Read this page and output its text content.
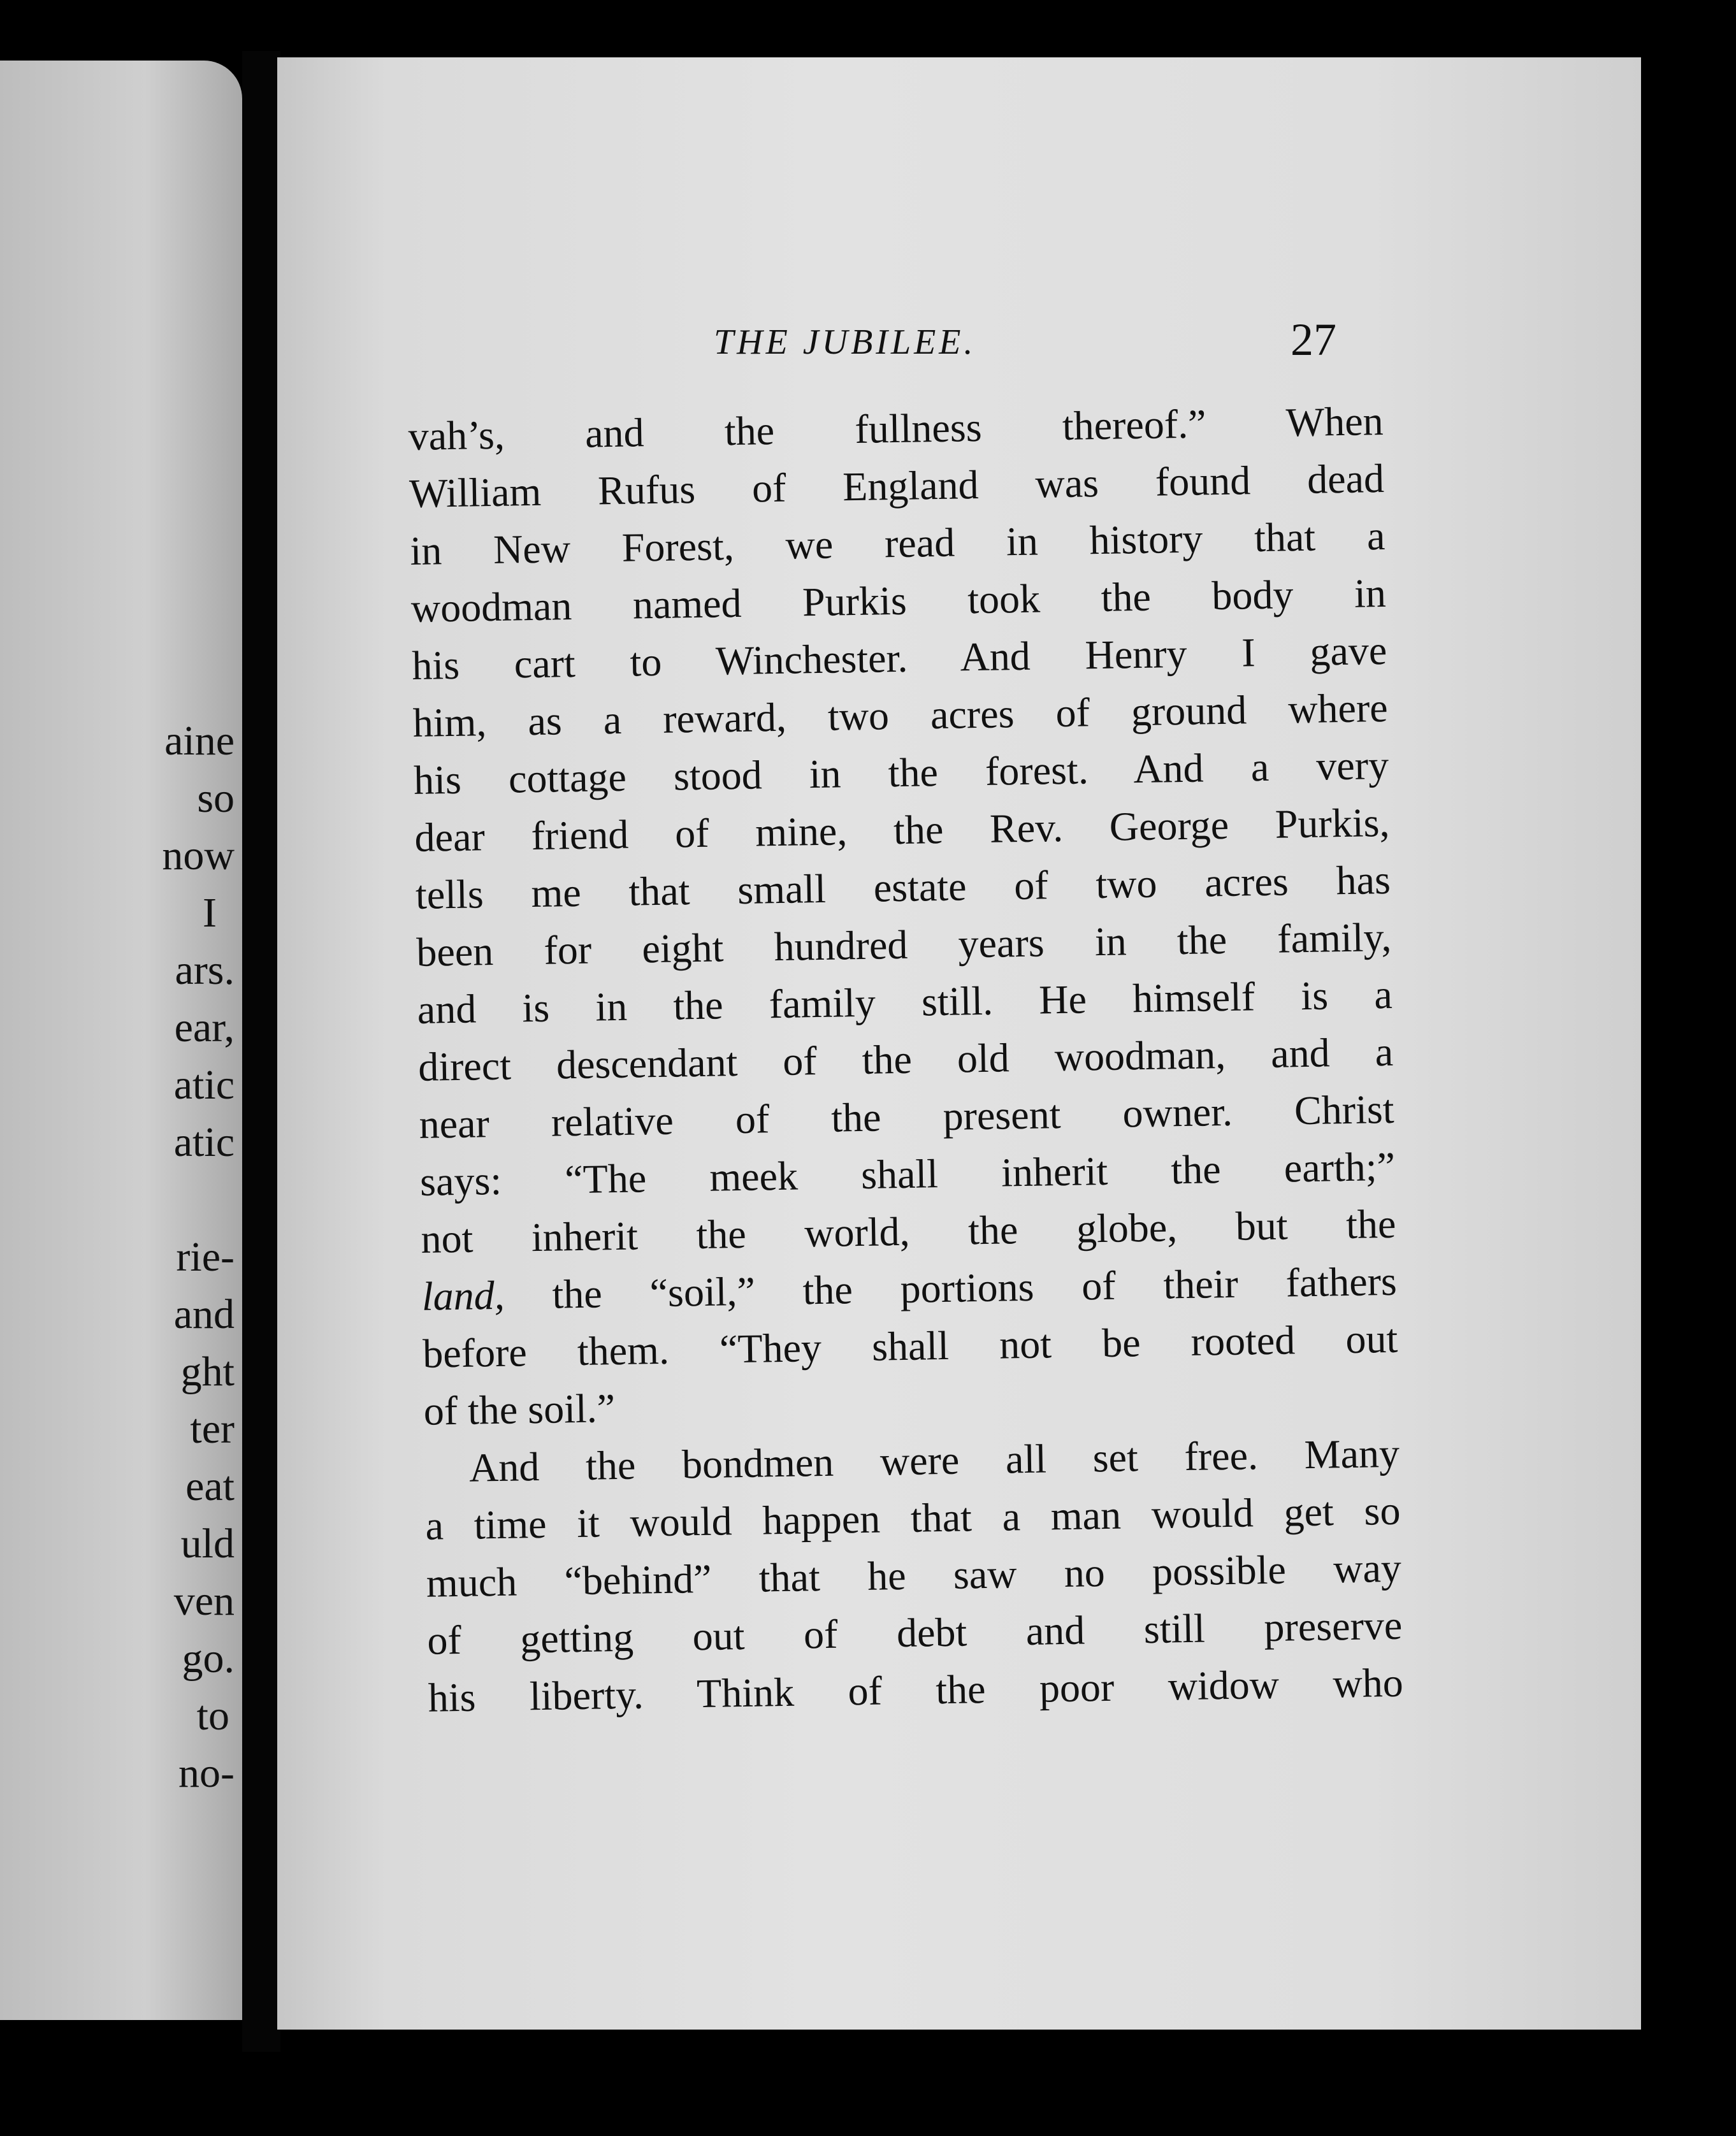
aine
so
now
I
ars.
ear,
atic
atic
rie-
and
ght
ter
eat
uld
ven
go.
to
no-
THE JUBILEE.	27
vah’s, and the fullness thereof.” When
William Rufus of England was found dead
in New Forest, we read in history that a
woodman named Purkis took the body in
his cart to Winchester. And Henry I gave
him, as a reward, two acres of ground where
his cottage stood in the forest. And a very
dear friend of mine, the Rev. George Purkis,
tells me that small estate of two acres has
been for eight hundred years in the family,
and is in the family still. He himself is a
direct descendant of the old woodman, and a
near relative of the present owner. Christ
says: “The meek shall inherit the earth;”
not inherit the world, the globe, but the
land, the “soil,” the portions of their fathers
before them. “They shall not be rooted out
of the soil.”
And the bondmen were all set free. Many
a time it would happen that a man would get so
much “behind” that he saw no possible way
of getting out of debt and still preserve
his liberty. Think of the poor widow who
